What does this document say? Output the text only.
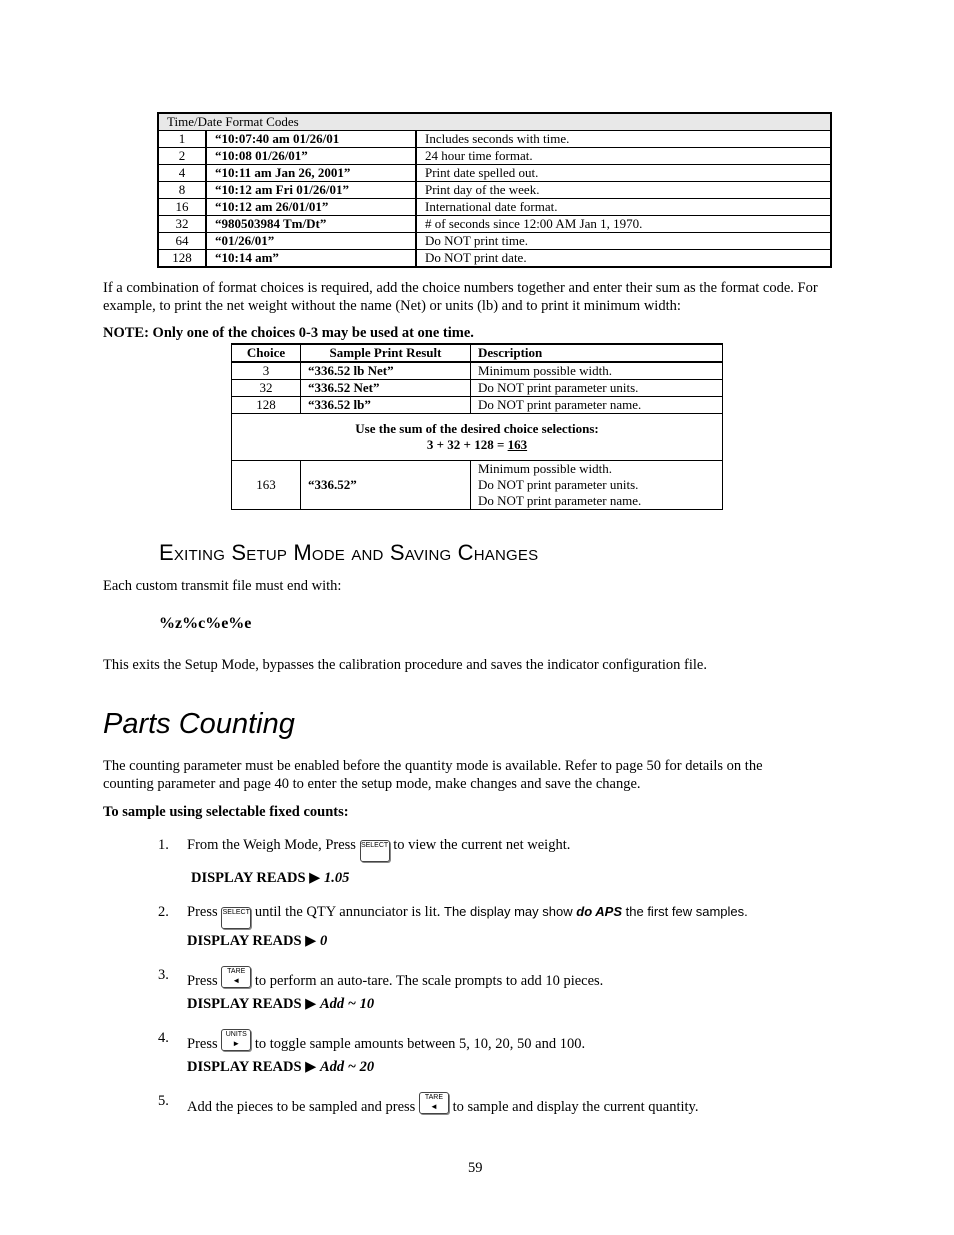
Time/Date Format Codes		
1	“10:07:40 am 01/26/01	Includes seconds with time.
2	“10:08 01/26/01”	24 hour time format.
4	“10:11 am Jan 26, 2001”	Print date spelled out.
8	“10:12 am Fri 01/26/01”	Print day of the week.
16	“10:12 am 26/01/01”	International date format.
32	“980503984 Tm/Dt”	# of seconds since 12:00 AM Jan 1, 1970.
64	“01/26/01”	Do NOT print time.
128	“10:14 am”	Do NOT print date.
If a combination of format choices is required, add the choice numbers together and enter their sum as the format code. For example, to print the net weight without the name (Net) or units (lb) and to print it minimum width:
NOTE: Only one of the choices 0-3 may be used at one time.
Choice	Sample Print Result	Description
3	“336.52 lb Net”	Minimum possible width.
32	“336.52 Net”	Do NOT print parameter units.
128	“336.52 lb”	Do NOT print parameter name.

Use the sum of the desired choice selections:
3 + 32 + 128 = 163		

163	“336.52”	Minimum possible width.
Do NOT print parameter units.
Do NOT print parameter name.
Exiting Setup Mode and Saving Changes
Each custom transmit file must end with:
%z%c%e%e
This exits the Setup Mode, bypasses the calibration procedure and saves the indicator configuration file.
Parts Counting
The counting parameter must be enabled before the quantity mode is available. Refer to page 50 for details on the
counting parameter and page 40 to enter the setup mode, make changes and save the change.
To sample using selectable fixed counts:
1. From the Weigh Mode, Press SELECT to view the current net weight.
DISPLAY READS ▶ 1.05
2. Press SELECT until the QTY annunciator is lit. The display may show do APS the first few samples.
DISPLAY READS ▶ 0
3. Press TARE
◄ to perform an auto-tare. The scale prompts to add 10 pieces.
DISPLAY READS ▶ Add ~ 10
4. Press UNITS
► to toggle sample amounts between 5, 10, 20, 50 and 100.
DISPLAY READS ▶ Add ~ 20
5. Add the pieces to be sampled and press TARE
◄ to sample and display the current quantity.
59
